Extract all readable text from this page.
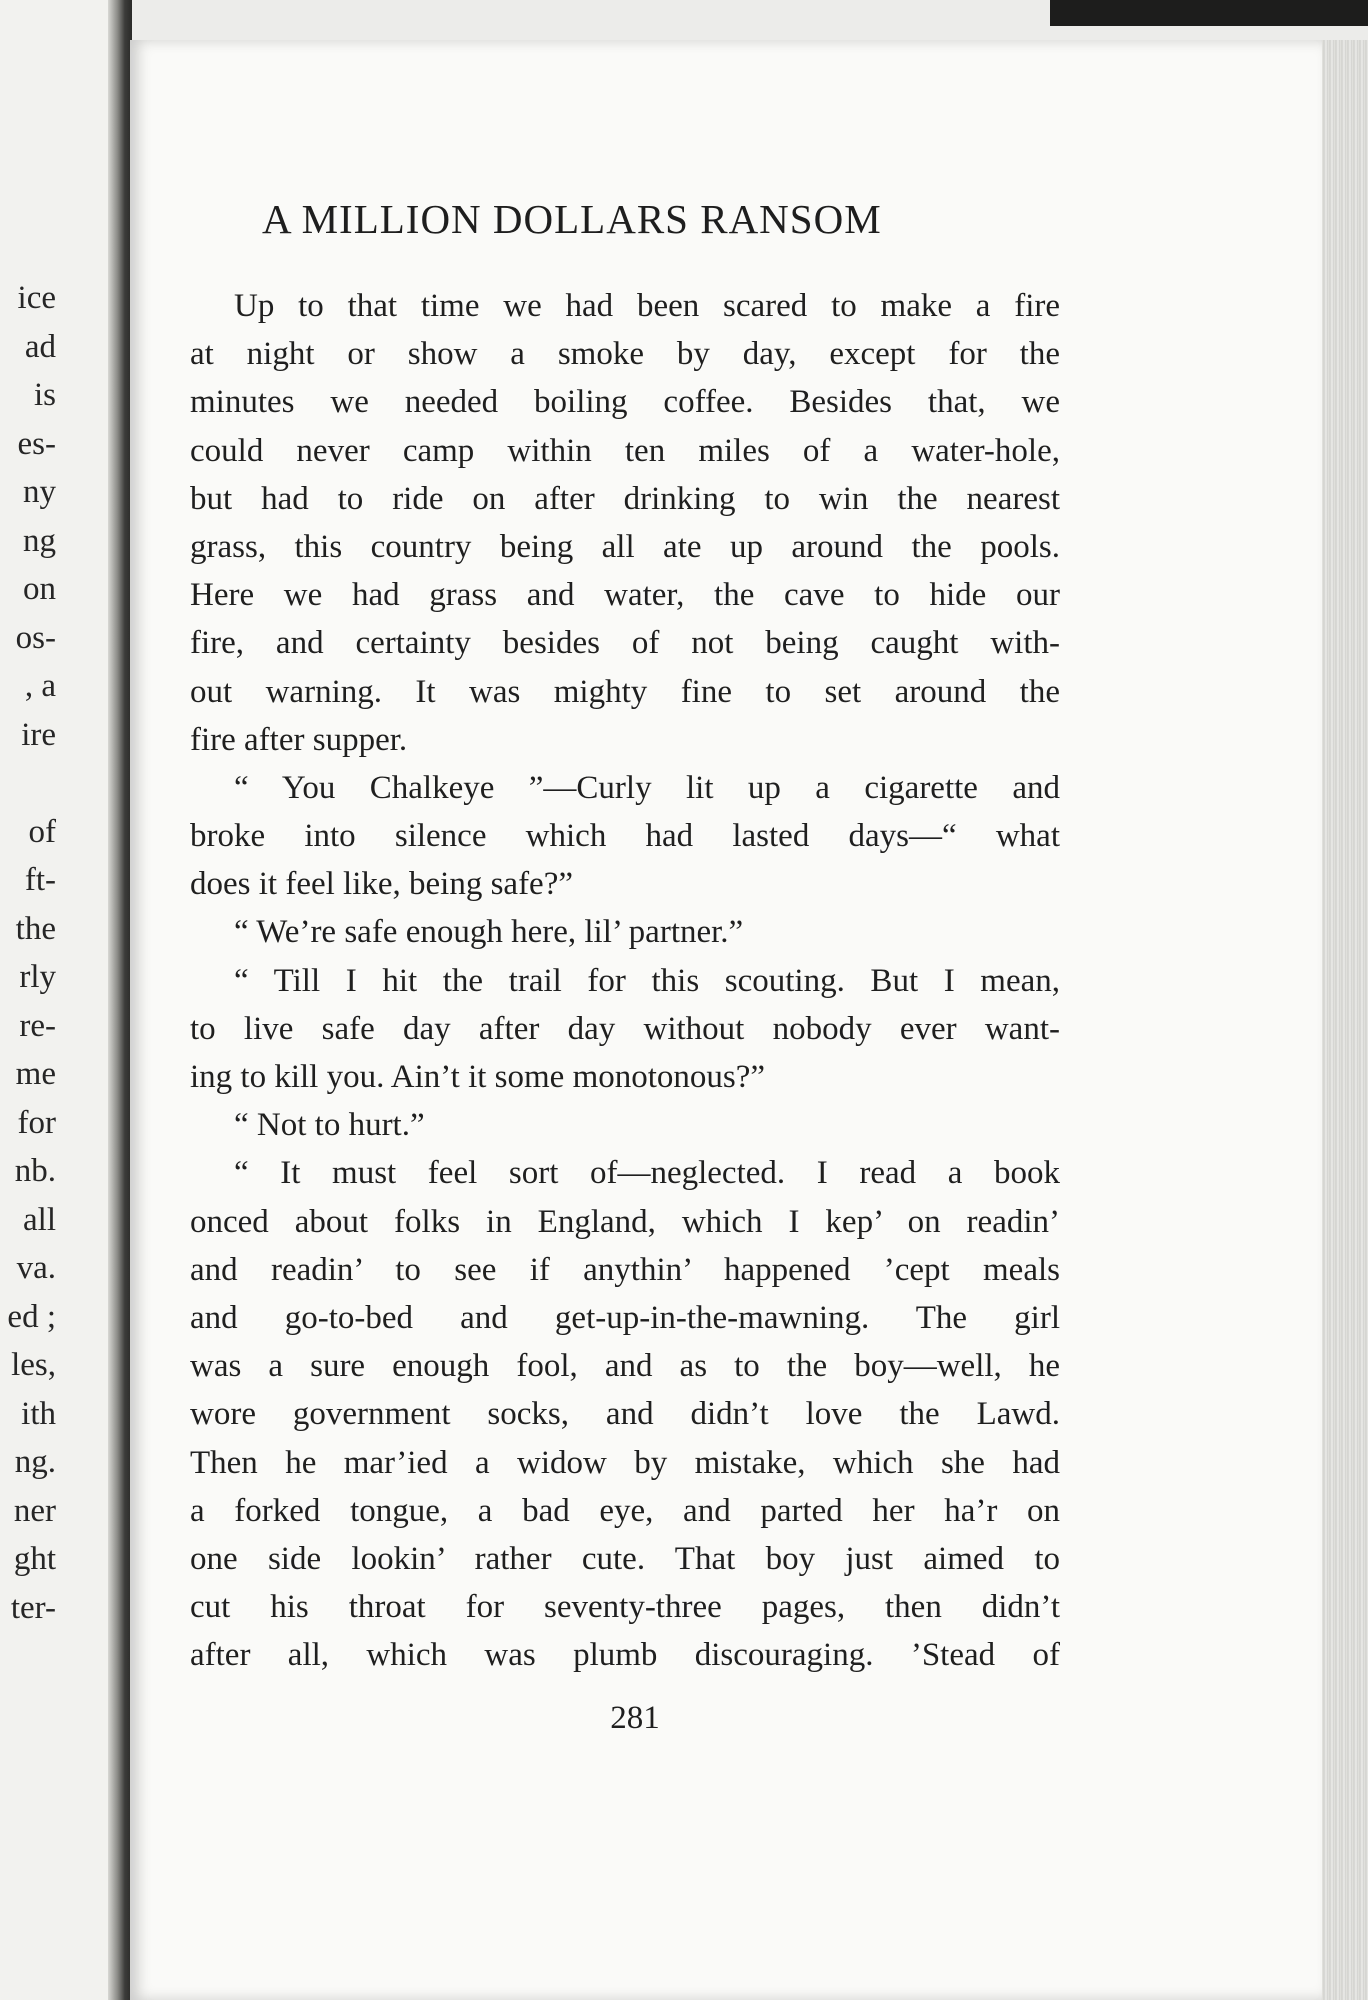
ice
ad
is
es-
ny
ng
on
os-
, a
ire
of
ft-
the
rly
re-
me
for
nb.
all
va.
ed ;
les,
ith
ng.
ner
ght
ter-
A MILLION DOLLARS RANSOM
Up to that time we had been scared to make a fire
at night or show a smoke by day, except for the
minutes we needed boiling coffee. Besides that, we
could never camp within ten miles of a water-hole,
but had to ride on after drinking to win the nearest
grass, this country being all ate up around the pools.
Here we had grass and water, the cave to hide our
fire, and certainty besides of not being caught with-
out warning. It was mighty fine to set around the
fire after supper.
“ You Chalkeye ”—Curly lit up a cigarette and
broke into silence which had lasted days—“ what
does it feel like, being safe?”
“ We’re safe enough here, lil’ partner.”
“ Till I hit the trail for this scouting. But I mean,
to live safe day after day without nobody ever want-
ing to kill you. Ain’t it some monotonous?”
“ Not to hurt.”
“ It must feel sort of—neglected. I read a book
onced about folks in England, which I kep’ on readin’
and readin’ to see if anythin’ happened ’cept meals
and go-to-bed and get-up-in-the-mawning. The girl
was a sure enough fool, and as to the boy—well, he
wore government socks, and didn’t love the Lawd.
Then he mar’ied a widow by mistake, which she had
a forked tongue, a bad eye, and parted her ha’r on
one side lookin’ rather cute. That boy just aimed to
cut his throat for seventy-three pages, then didn’t
after all, which was plumb discouraging. ’Stead of
281
